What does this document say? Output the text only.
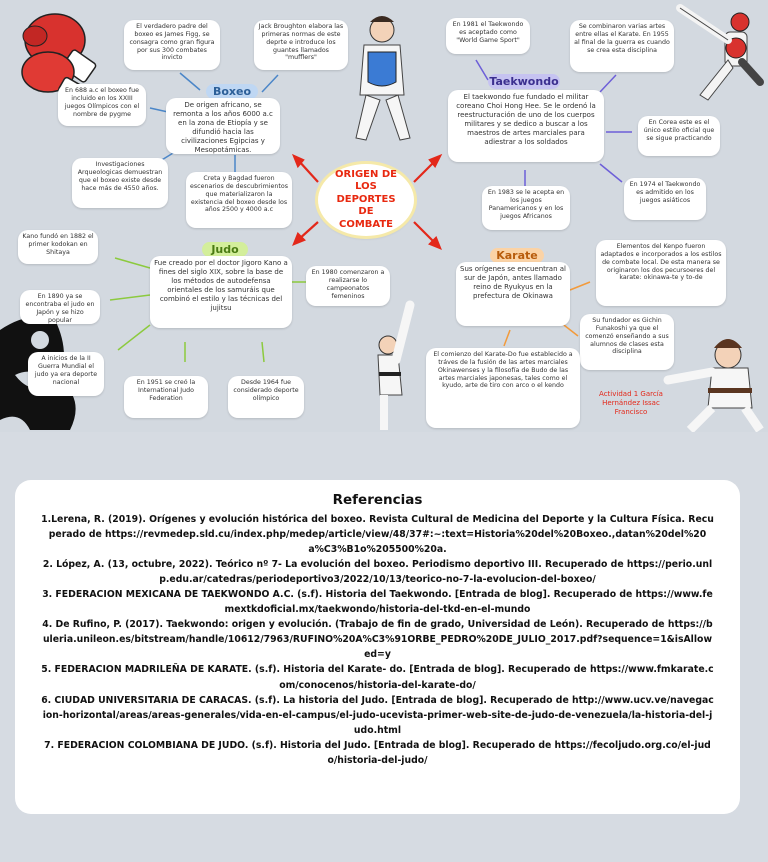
ORIGEN DE LOS DEPORTES DE COMBATE
Boxeo
De origen africano, se remonta a los años 6000 a.c en la zona de Etiopía y se difundió hacia las civilizaciones Egipcias y Mesopotámicas.
El verdadero padre del boxeo es James Figg, se consagra como gran figura por sus 300 combates invicto
Jack Broughton elabora las primeras normas de este deprte e introduce los guantes llamados "mufflers"
En 688 a.c el boxeo fue incluido en los XXIII juegos Olímpicos con el nombre de pygme
Investigaciones Arqueologicas demuestran que el boxeo existe desde hace más de 4550 años.
Creta y Bagdad fueron escenarios de descubrimientos que materializaron la existencia del boxeo desde los años 2500 y 4000 a.c
Taekwondo
El taekwondo fue fundado el militar coreano Choi Hong Hee. Se le ordenó la reestructuración de uno de los cuerpos militares y se dedico a buscar a los maestros de artes marciales para adiestrar a los soldados
En 1981 el Taekwondo es aceptado como "World Game Sport"
Se combinaron varias artes entre ellas el Karate. En 1955 al final de la guerra es cuando se crea esta disciplina
En Corea este es el único estilo oficial que se sigue practicando
En 1983 se le acepta en los juegos Panamericanos y en los juegos Africanos
En 1974 el Taekwondo es admitido en los juegos asiáticos
Judo
Fue creado por el doctor Jigoro Kano a fines del siglo XIX, sobre la base de los métodos de autodefensa orientales de los samuráis que combinó el estilo y las técnicas del jujitsu
Kano fundó en 1882 el primer kodokan en Shitaya
En 1890 ya se encontraba el judo en Japón y se hizo popular
A inicios de la II Guerra Mundial el judo ya era deporte nacional	En 1951 se creó la International Judo Federation
Desde 1964 fue considerado deporte olímpico
En 1980 comenzaron a realizarse lo campeonatos femeninos
Karate
Sus orígenes se encuentran al sur de Japón, antes llamado reino de Ryukyus en la prefectura de Okinawa
Elementos del Kenpo fueron adaptados e incorporados a los estilos de combate local. De esta manera se originaron los dos pecursoeres del karate: okinawa-te y to-de
Su fundador es Gichin Funakoshi ya que el comenzó enseñando a sus alumnos de clases esta disciplina
El comienzo del Karate-Do fue establecido a tráves de la fusión de las artes marciales Okinawenses y la filosofía de Budo de las artes marciales japonesas, tales como el kyudo, arte de tiro con arco o el kendo
Actividad 1 García Hernández Issac Francisco
Referencias

1.Lerena, R. (2019). Orígenes y evolución histórica del boxeo. Revista Cultural de Medicina del Deporte y la Cultura Física. Recuperado de https://revmedep.sld.cu/index.php/medep/article/view/48/37#:~:text=Historia%20del%20Boxeo.,datan%20del%20a%C3%B1o%205500%20a.

2. López, A. (13, octubre, 2022). Teórico nº 7- La evolución del boxeo. Periodismo deportivo III. Recuperado de https://perio.unlp.edu.ar/catedras/periodeportivo3/2022/10/13/teorico-no-7-la-evolucion-del-boxeo/

3. FEDERACION MEXICANA DE TAEKWONDO A.C. (s.f). Historia del Taekwondo. [Entrada de blog]. Recuperado de https://www.femextkdoficial.mx/taekwondo/historia-del-tkd-en-el-mundo

4. De Rufino, P. (2017). Taekwondo: origen y evolución. (Trabajo de fin de grado, Universidad de León). Recuperado de https://buleria.unileon.es/bitstream/handle/10612/7963/RUFINO%20A%C3%91ORBE_PEDRO%20DE_JULIO_2017.pdf?sequence=1&isAllowed=y

5. FEDERACION MADRILEÑA DE KARATE. (s.f). Historia del Karate- do. [Entrada de blog]. Recuperado de https://www.fmkarate.com/conocenos/historia-del-karate-do/

6. CIUDAD UNIVERSITARIA DE CARACAS. (s.f). La historia del Judo. [Entrada de blog]. Recuperado de http://www.ucv.ve/navegacion-horizontal/areas/areas-generales/vida-en-el-campus/el-judo-ucevista-primer-web-site-de-judo-de-venezuela/la-historia-del-judo.html

7. FEDERACION COLOMBIANA DE JUDO. (s.f). Historia del Judo. [Entrada de blog]. Recuperado de https://fecoljudo.org.co/el-judo/historia-del-judo/
